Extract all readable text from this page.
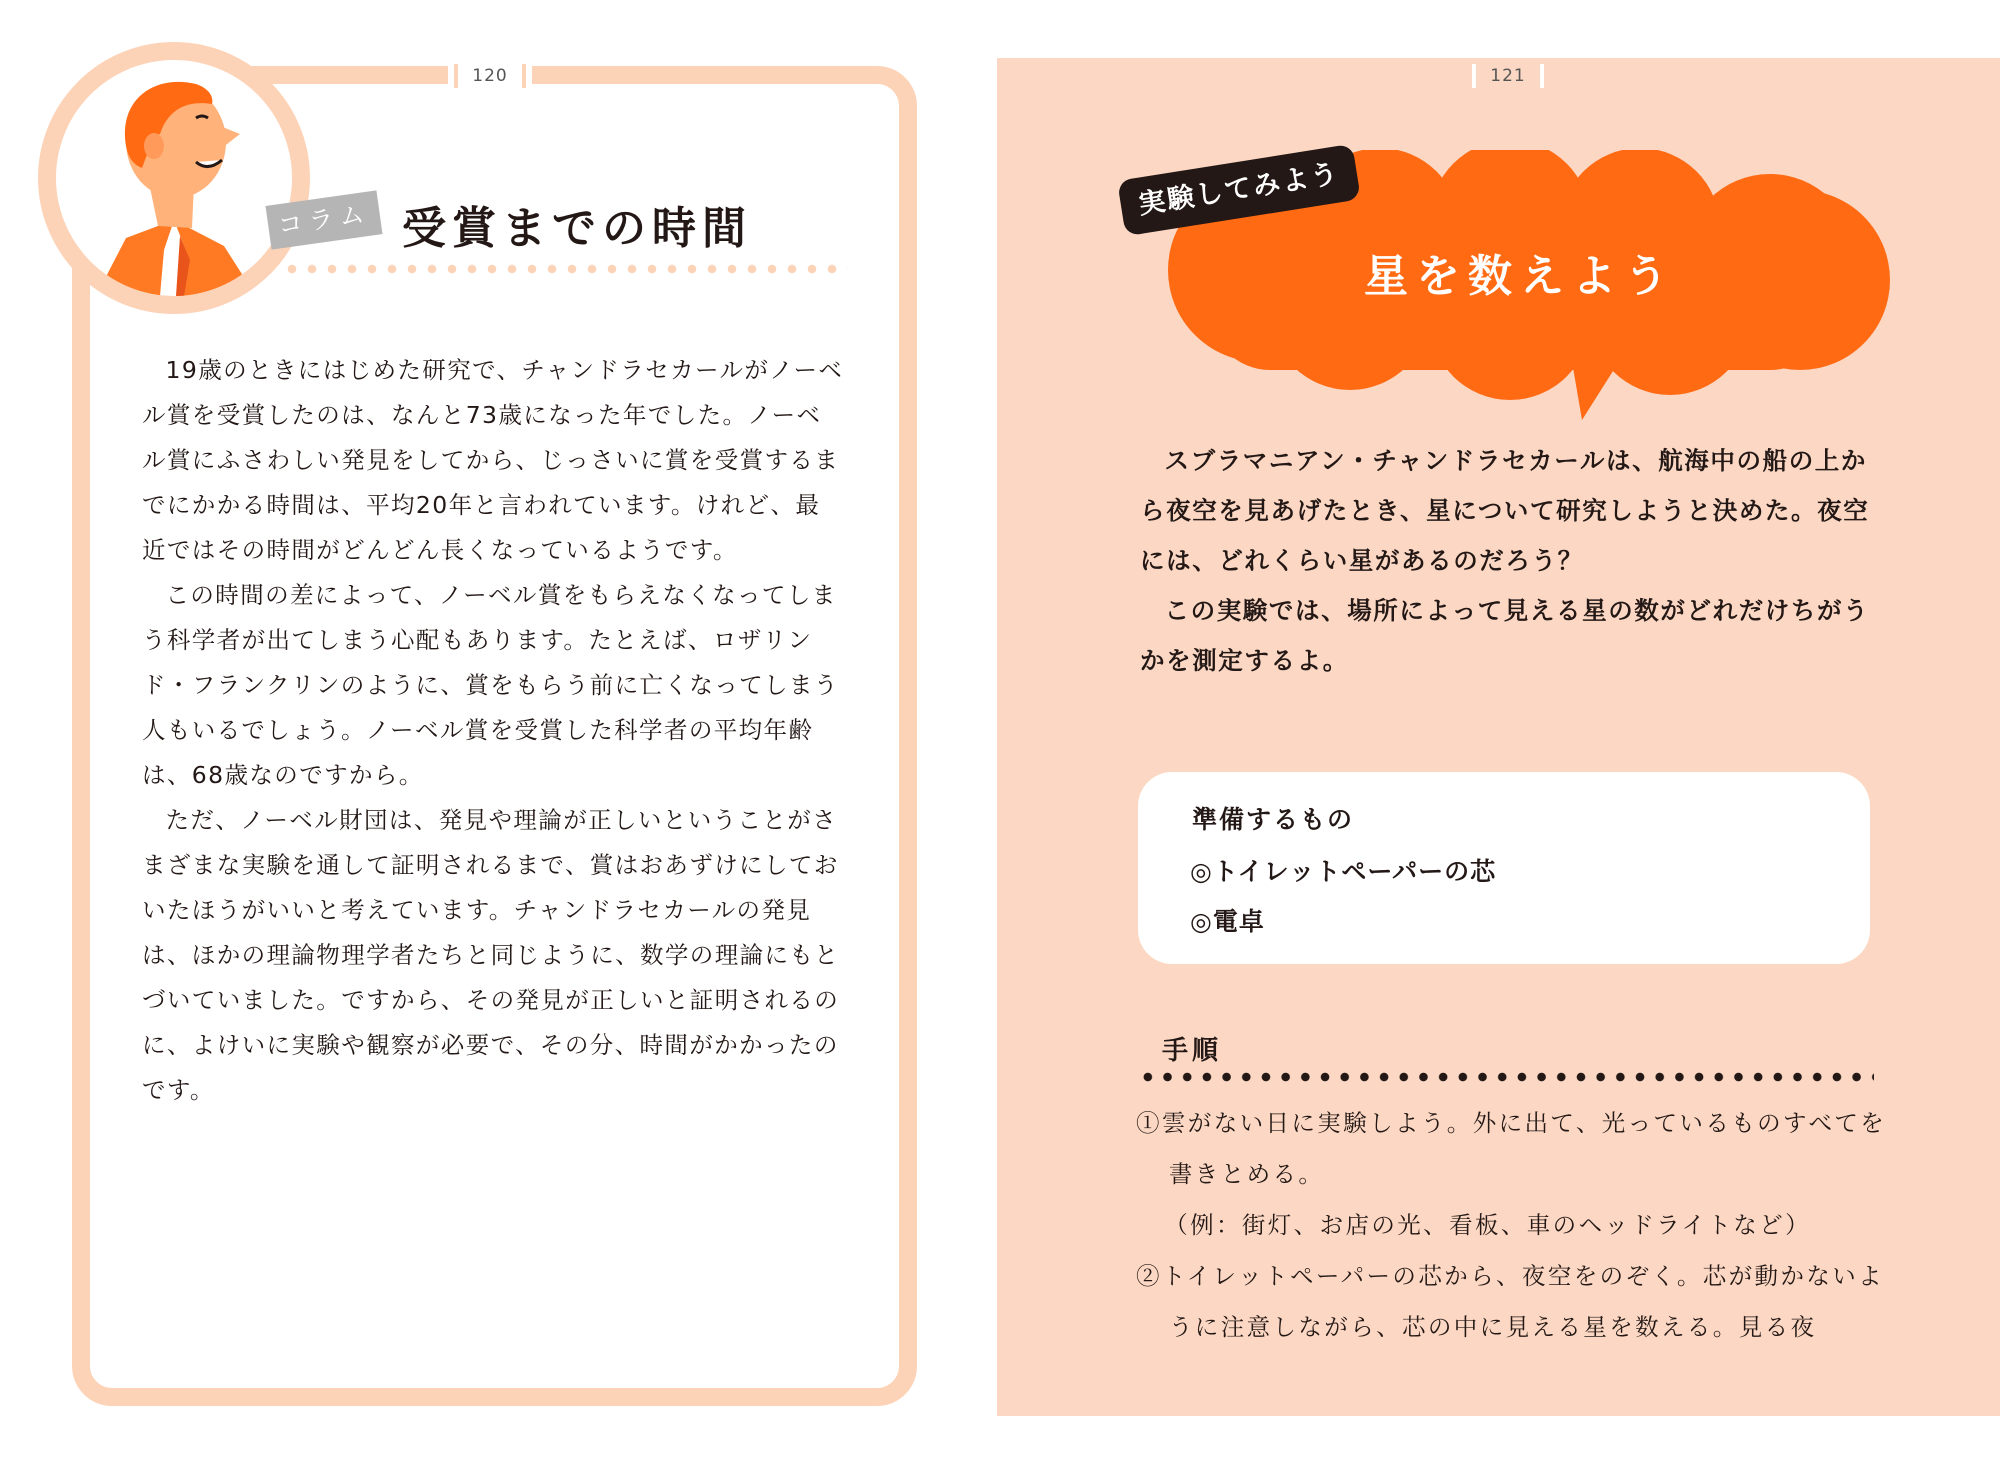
120
コラム 受賞までの時間

19歳のときにはじめた研究で、チャンドラセカールがノーベル賞を受賞したのは、なんと73歳になった年でした。ノーベル賞にふさわしい発見をしてから、じっさいに賞を受賞するまでにかかる時間は、平均20年と言われています。けれど、最近ではその時間がどんどん長くなっているようです。

この時間の差によって、ノーベル賞をもらえなくなってしまう科学者が出てしまう心配もあります。たとえば、ロザリンド・フランクリンのように、賞をもらう前に亡くなってしまう人もいるでしょう。ノーベル賞を受賞した科学者の平均年齢は、68歳なのですから。

ただ、ノーベル財団は、発見や理論が正しいということがさまざまな実験を通して証明されるまで、賞はおあずけにしておいたほうがいいと考えています。チャンドラセカールの発見は、ほかの理論物理学者たちと同じように、数学の理論にもとづいていました。ですから、その発見が正しいと証明されるのに、よけいに実験や観察が必要で、その分、時間がかかったのです。

121
実験してみよう
星を数えよう

スブラマニアン・チャンドラセカールは、航海中の船の上から夜空を見あげたとき、星について研究しようと決めた。夜空には、どれくらい星があるのだろう？

この実験では、場所によって見える星の数がどれだけちがうかを測定するよ。

準備するもの
◎トイレットペーパーの芯
◎電卓
手順
①雲がない日に実験しよう。外に出て、光っているものすべてを書きとめる。
（例：街灯、お店の光、看板、車のヘッドライトなど）
②トイレットペーパーの芯から、夜空をのぞく。芯が動かないように注意しながら、芯の中に見える星を数える。見る夜
